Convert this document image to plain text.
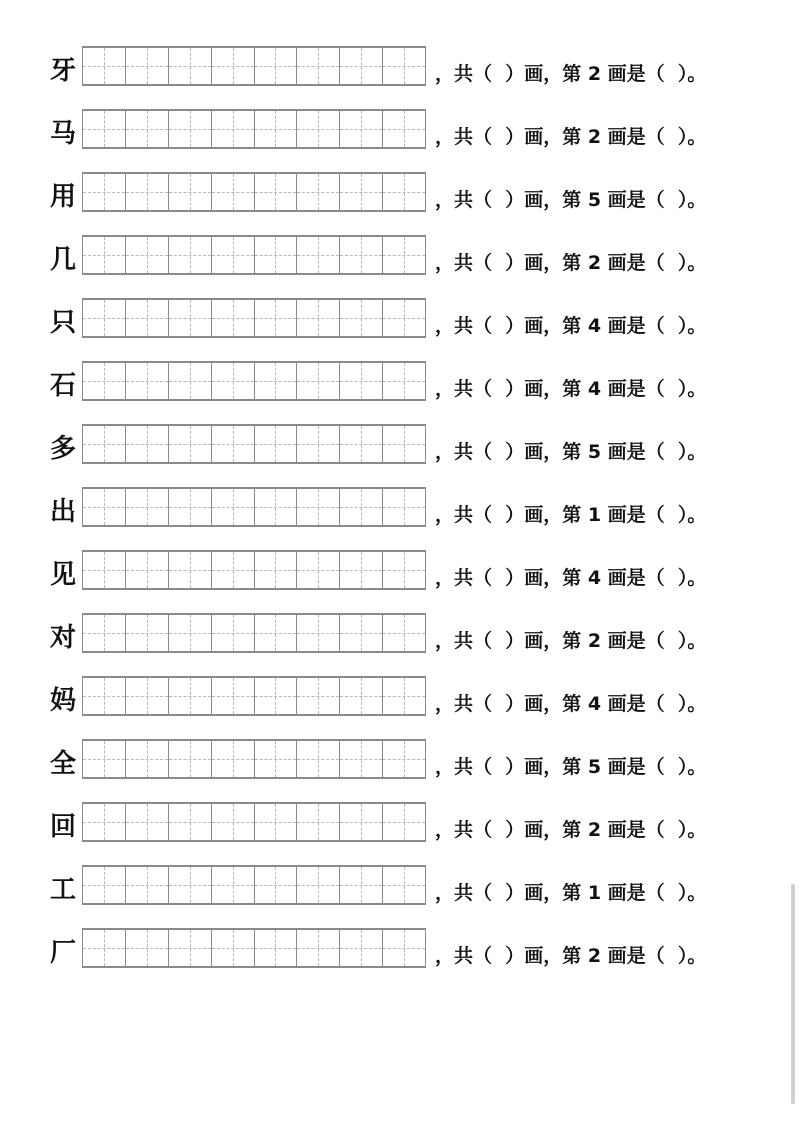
牙	，共（  ）画，第 2 画是（  ）。
马	，共（  ）画，第 2 画是（  ）。
用	，共（  ）画，第 5 画是（  ）。
几	，共（  ）画，第 2 画是（  ）。
只	，共（  ）画，第 4 画是（  ）。
石	，共（  ）画，第 4 画是（  ）。
多	，共（  ）画，第 5 画是（  ）。
出	，共（  ）画，第 1 画是（  ）。
见	，共（  ）画，第 4 画是（  ）。
对	，共（  ）画，第 2 画是（  ）。
妈	，共（  ）画，第 4 画是（  ）。
全	，共（  ）画，第 5 画是（  ）。
回	，共（  ）画，第 2 画是（  ）。
工	，共（  ）画，第 1 画是（  ）。
厂	，共（  ）画，第 2 画是（  ）。
